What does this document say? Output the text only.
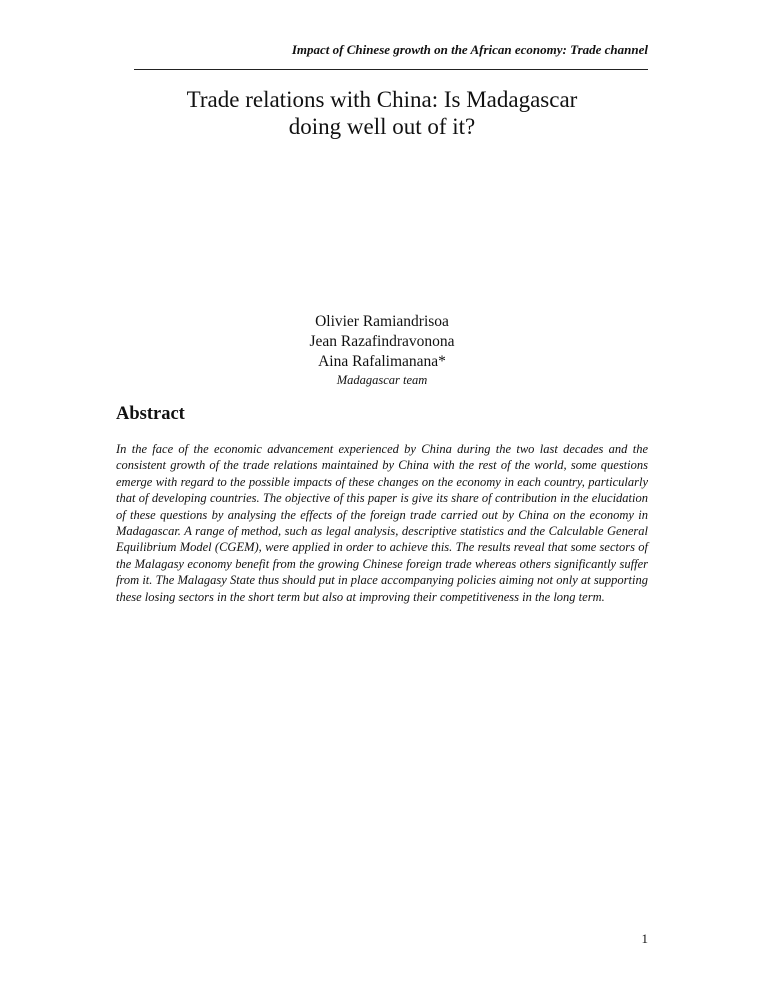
Impact of Chinese growth on the African economy: Trade channel
Trade relations with China: Is Madagascar
doing well out of it?
Olivier Ramiandrisoa
Jean Razafindravonona
Aina Rafalimanana*
Madagascar team
Abstract

In the face of the economic advancement experienced by China during the two last decades and the consistent growth of the trade relations maintained by China with the rest of the world, some questions emerge with regard to the possible impacts of these changes on the economy in each country, particularly that of developing countries. The objective of this paper is give its share of contribution in the elucidation of these questions by analysing the effects of the foreign trade carried out by China on the economy in Madagascar. A range of method, such as legal analysis, descriptive statistics and the Calculable General Equilibrium Model (CGEM), were applied in order to achieve this. The results reveal that some sectors of the Malagasy economy benefit from the growing Chinese foreign trade whereas others significantly suffer from it. The Malagasy State thus should put in place accompanying policies aiming not only at supporting these losing sectors in the short term but also at improving their competitiveness in the long term.

1
